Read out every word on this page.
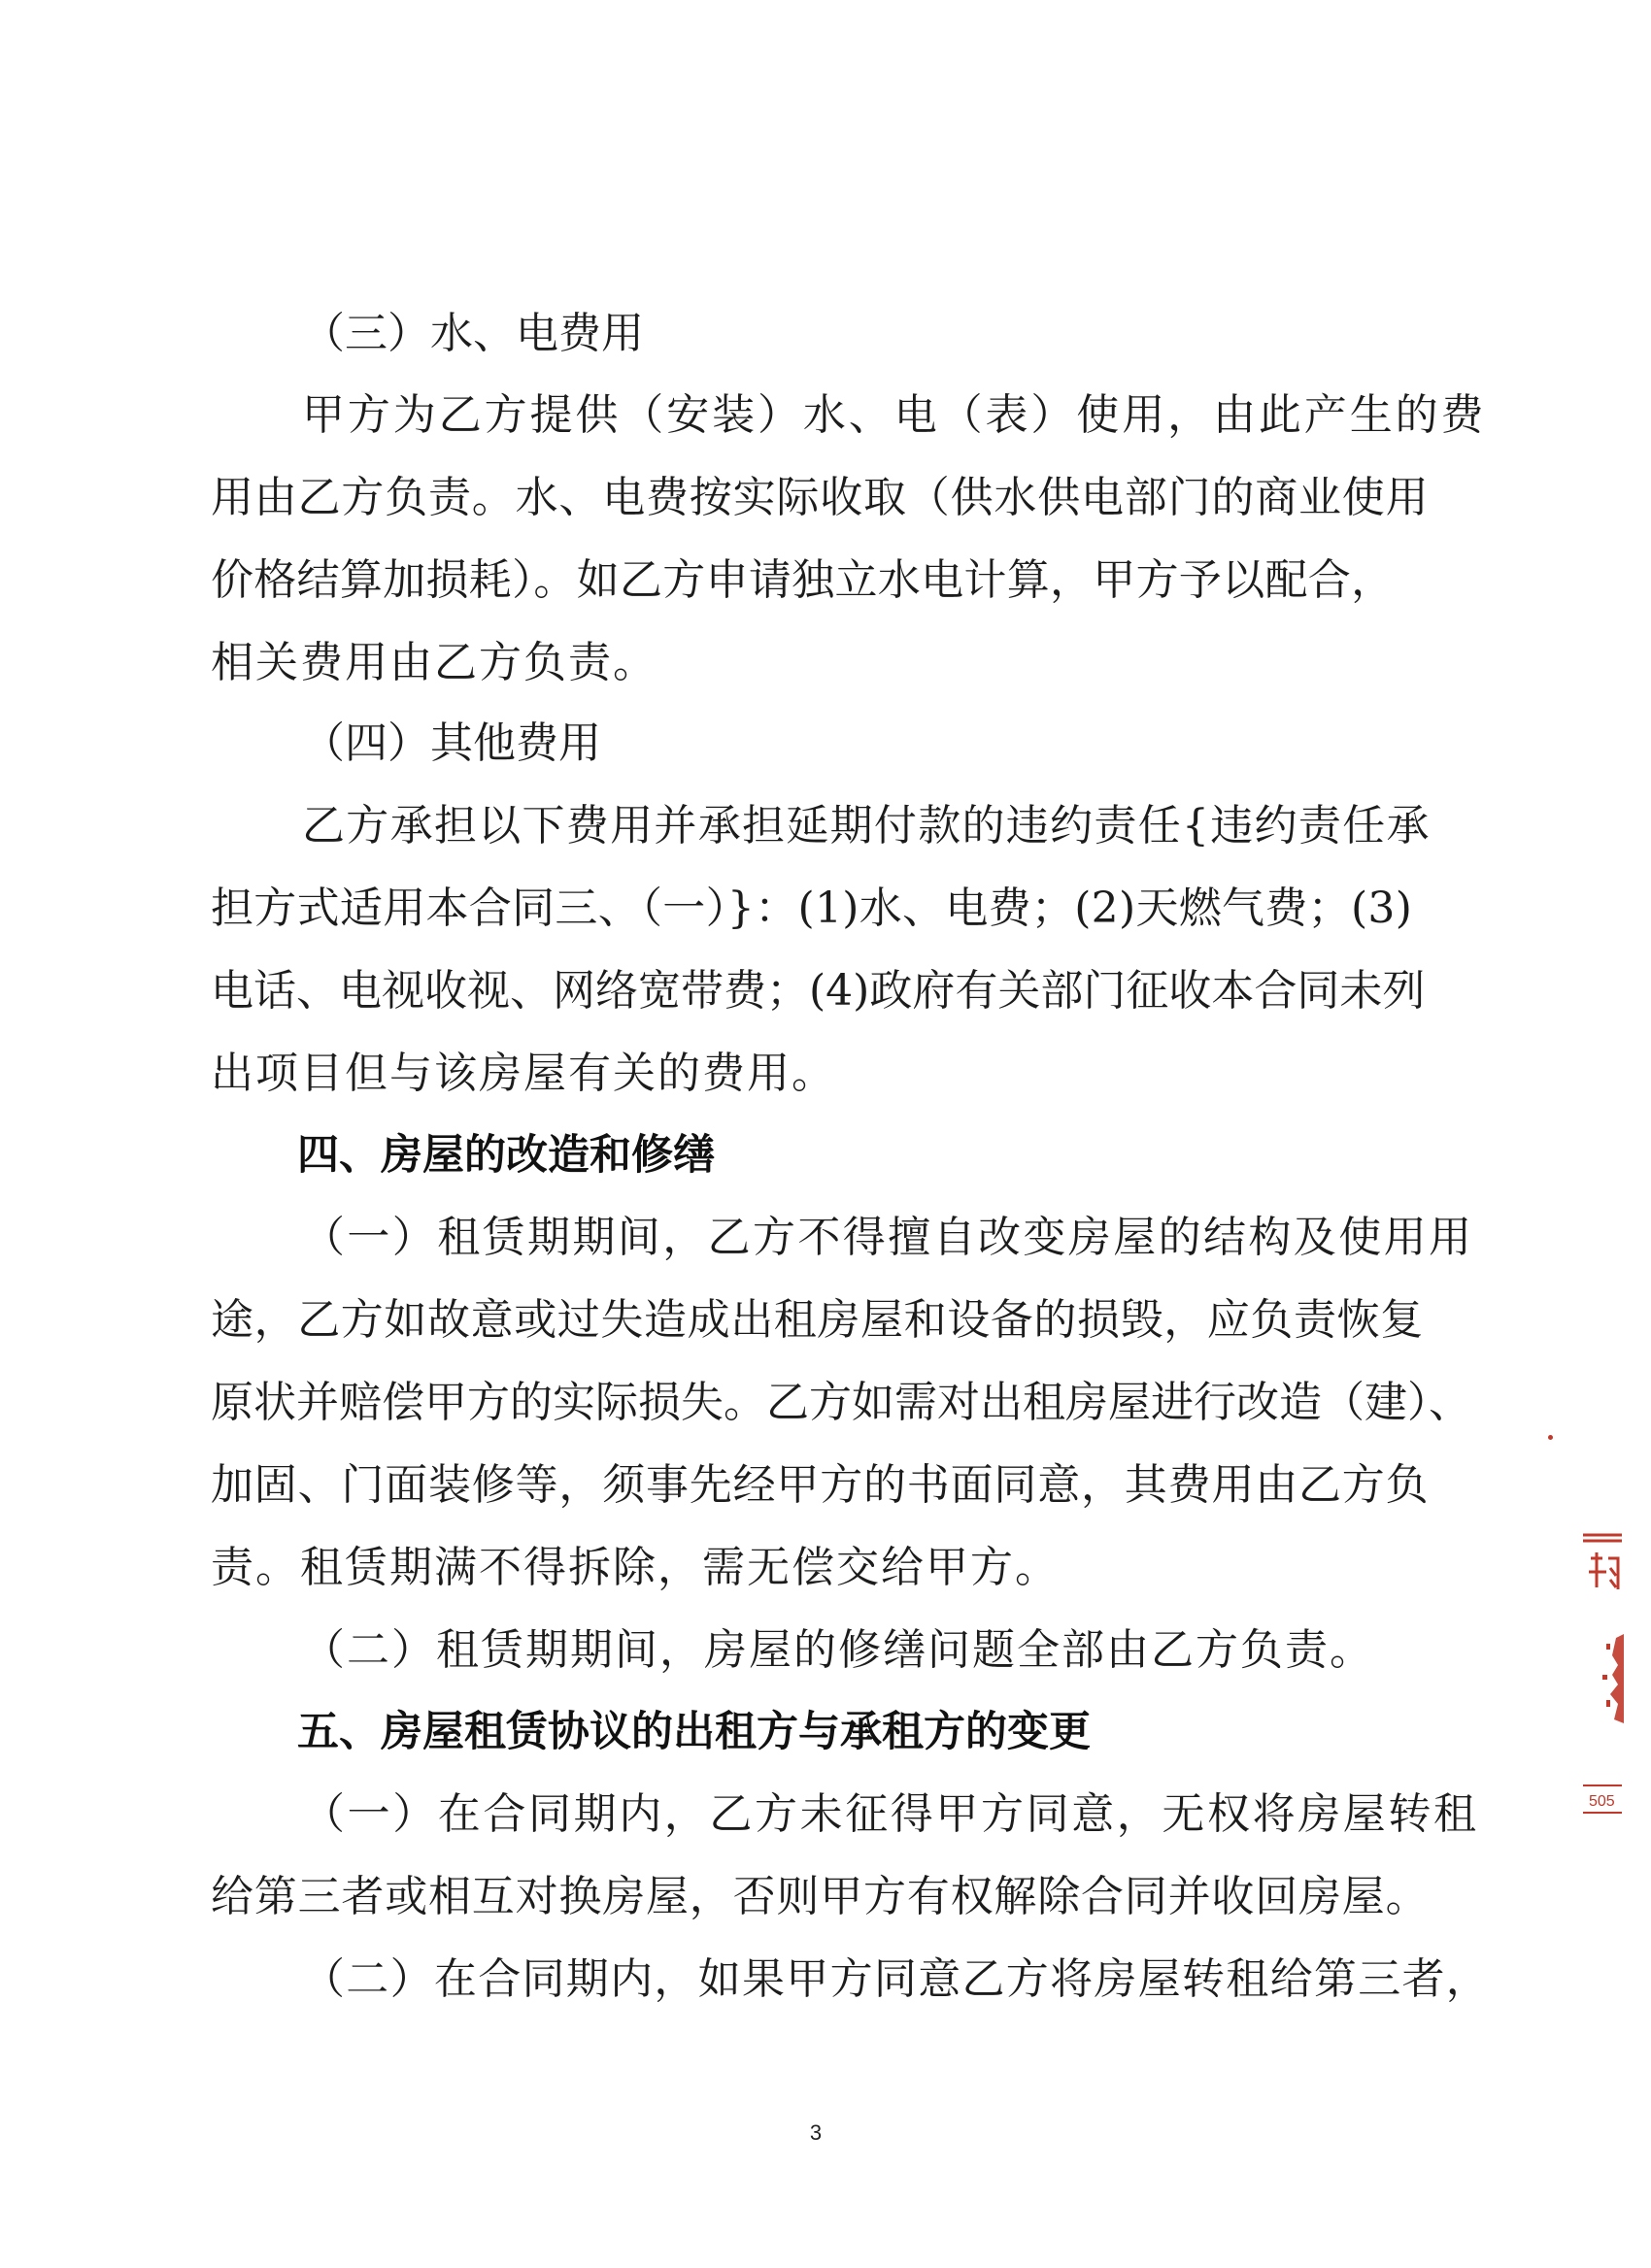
（三）水、电费用
甲方为乙方提供（安装）水、电（表）使用，由此产生的费
用由乙方负责。水、电费按实际收取（供水供电部门的商业使用
价格结算加损耗）。如乙方申请独立水电计算，甲方予以配合，
相关费用由乙方负责。
（四）其他费用
乙方承担以下费用并承担延期付款的违约责任{违约责任承
担方式适用本合同三、（一）}：(1)水、电费；(2)天燃气费；(3)
电话、电视收视、网络宽带费；(4)政府有关部门征收本合同未列
出项目但与该房屋有关的费用。
四、房屋的改造和修缮
（一）租赁期期间，乙方不得擅自改变房屋的结构及使用用
途，乙方如故意或过失造成出租房屋和设备的损毁，应负责恢复
原状并赔偿甲方的实际损失。乙方如需对出租房屋进行改造（建）、
加固、门面装修等，须事先经甲方的书面同意，其费用由乙方负
责。租赁期满不得拆除，需无偿交给甲方。
（二）租赁期期间，房屋的修缮问题全部由乙方负责。
五、房屋租赁协议的出租方与承租方的变更
（一）在合同期内，乙方未征得甲方同意，无权将房屋转租
给第三者或相互对换房屋，否则甲方有权解除合同并收回房屋。
（二）在合同期内，如果甲方同意乙方将房屋转租给第三者，
3
505
